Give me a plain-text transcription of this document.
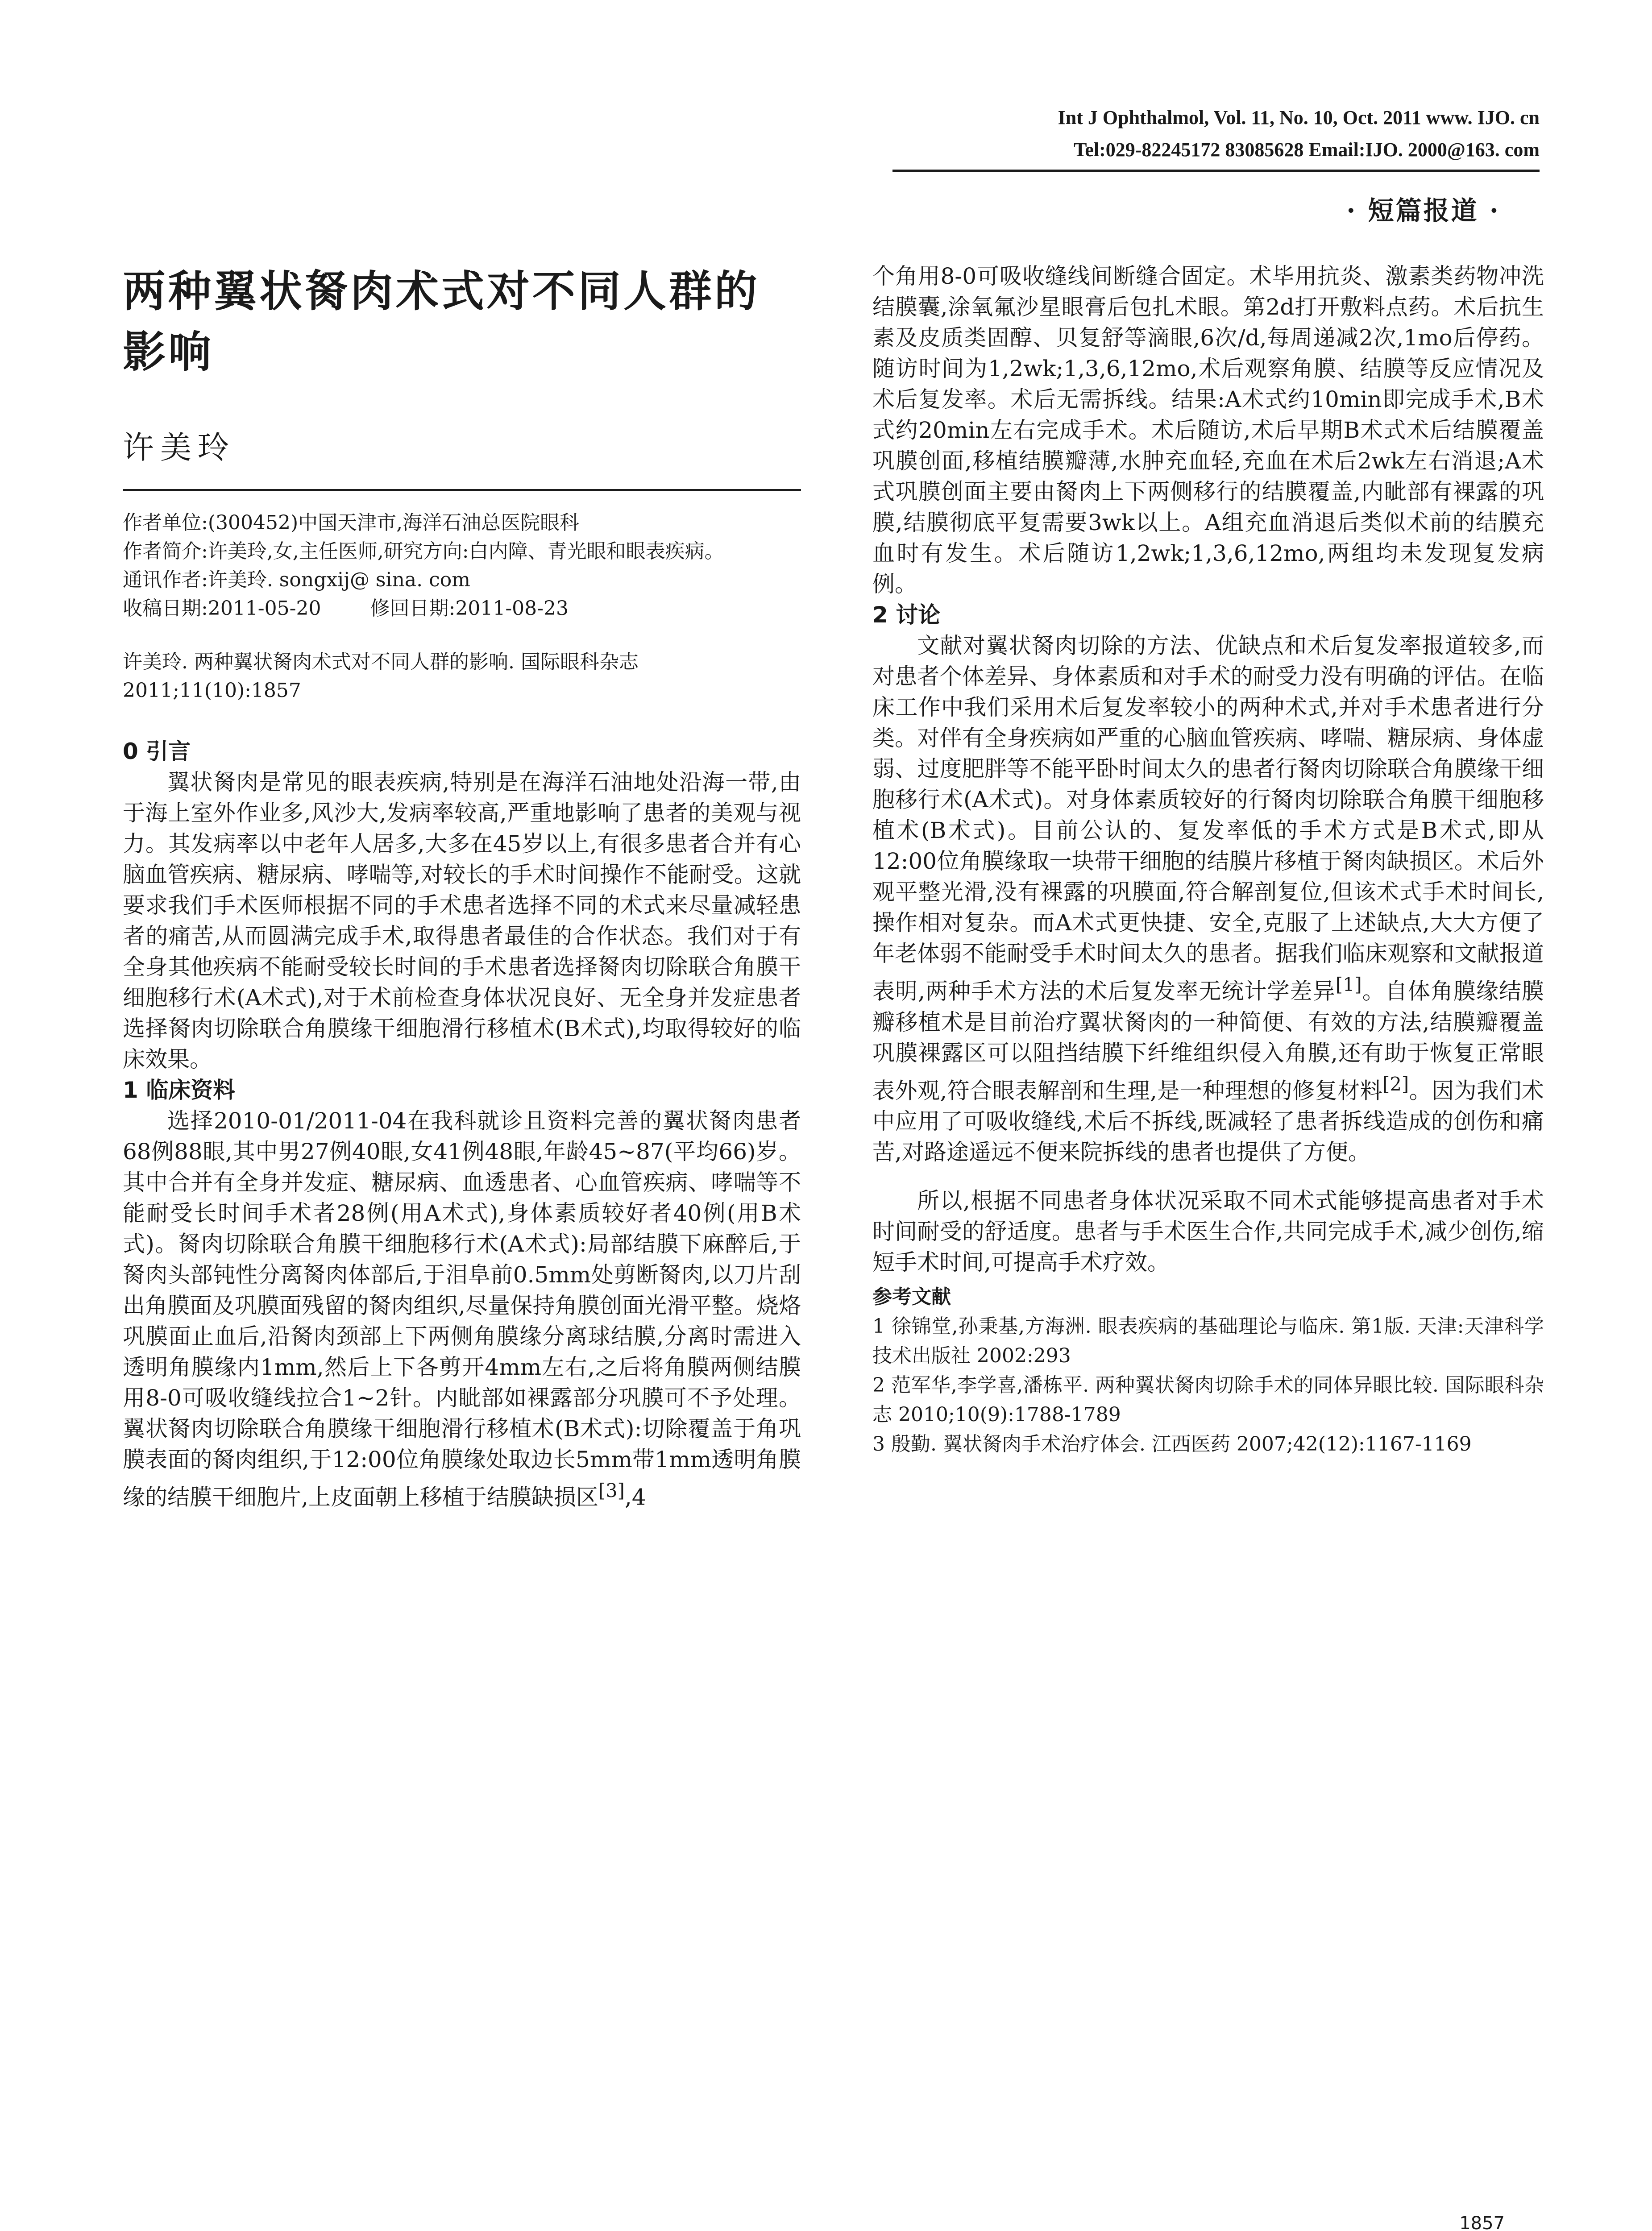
Int J Ophthalmol, Vol. 11, No. 10, Oct. 2011 www. IJO. cn
Tel:029-82245172 83085628 Email:IJO. 2000@163. com
· 短篇报道 ·
两种翼状胬肉术式对不同人群的影响
许美玲

作者单位:(300452)中国天津市,海洋石油总医院眼科

作者简介:许美玲,女,主任医师,研究方向:白内障、青光眼和眼表疾病。

通讯作者:许美玲. songxij@ sina. com

收稿日期:2011-05-20	修回日期:2011-08-23

许美玲. 两种翼状胬肉术式对不同人群的影响. 国际眼科杂志 2011;11(10):1857
0 引言

翼状胬肉是常见的眼表疾病,特别是在海洋石油地处沿海一带,由于海上室外作业多,风沙大,发病率较高,严重地影响了患者的美观与视力。其发病率以中老年人居多,大多在45岁以上,有很多患者合并有心脑血管疾病、糖尿病、哮喘等,对较长的手术时间操作不能耐受。这就要求我们手术医师根据不同的手术患者选择不同的术式来尽量减轻患者的痛苦,从而圆满完成手术,取得患者最佳的合作状态。我们对于有全身其他疾病不能耐受较长时间的手术患者选择胬肉切除联合角膜干细胞移行术(A术式),对于术前检查身体状况良好、无全身并发症患者选择胬肉切除联合角膜缘干细胞滑行移植术(B术式),均取得较好的临床效果。

1 临床资料

选择2010-01/2011-04在我科就诊且资料完善的翼状胬肉患者68例88眼,其中男27例40眼,女41例48眼,年龄45~87(平均66)岁。其中合并有全身并发症、糖尿病、血透患者、心血管疾病、哮喘等不能耐受长时间手术者28例(用A术式),身体素质较好者40例(用B术式)。胬肉切除联合角膜干细胞移行术(A术式):局部结膜下麻醉后,于胬肉头部钝性分离胬肉体部后,于泪阜前0.5mm处剪断胬肉,以刀片刮出角膜面及巩膜面残留的胬肉组织,尽量保持角膜创面光滑平整。烧烙巩膜面止血后,沿胬肉颈部上下两侧角膜缘分离球结膜,分离时需进入透明角膜缘内1mm,然后上下各剪开4mm左右,之后将角膜两侧结膜用8-0可吸收缝线拉合1~2针。内眦部如裸露部分巩膜可不予处理。翼状胬肉切除联合角膜缘干细胞滑行移植术(B术式):切除覆盖于角巩膜表面的胬肉组织,于12:00位角膜缘处取边长5mm带1mm透明角膜缘的结膜干细胞片,上皮面朝上移植于结膜缺损区[3],4

个角用8-0可吸收缝线间断缝合固定。术毕用抗炎、激素类药物冲洗结膜囊,涂氧氟沙星眼膏后包扎术眼。第2d打开敷料点药。术后抗生素及皮质类固醇、贝复舒等滴眼,6次/d,每周递减2次,1mo后停药。随访时间为1,2wk;1,3,6,12mo,术后观察角膜、结膜等反应情况及术后复发率。术后无需拆线。结果:A术式约10min即完成手术,B术式约20min左右完成手术。术后随访,术后早期B术式术后结膜覆盖巩膜创面,移植结膜瓣薄,水肿充血轻,充血在术后2wk左右消退;A术式巩膜创面主要由胬肉上下两侧移行的结膜覆盖,内眦部有裸露的巩膜,结膜彻底平复需要3wk以上。A组充血消退后类似术前的结膜充血时有发生。术后随访1,2wk;1,3,6,12mo,两组均未发现复发病例。

2 讨论

文献对翼状胬肉切除的方法、优缺点和术后复发率报道较多,而对患者个体差异、身体素质和对手术的耐受力没有明确的评估。在临床工作中我们采用术后复发率较小的两种术式,并对手术患者进行分类。对伴有全身疾病如严重的心脑血管疾病、哮喘、糖尿病、身体虚弱、过度肥胖等不能平卧时间太久的患者行胬肉切除联合角膜缘干细胞移行术(A术式)。对身体素质较好的行胬肉切除联合角膜干细胞移植术(B术式)。目前公认的、复发率低的手术方式是B术式,即从12:00位角膜缘取一块带干细胞的结膜片移植于胬肉缺损区。术后外观平整光滑,没有裸露的巩膜面,符合解剖复位,但该术式手术时间长,操作相对复杂。而A术式更快捷、安全,克服了上述缺点,大大方便了年老体弱不能耐受手术时间太久的患者。据我们临床观察和文献报道表明,两种手术方法的术后复发率无统计学差异[1]。自体角膜缘结膜瓣移植术是目前治疗翼状胬肉的一种简便、有效的方法,结膜瓣覆盖巩膜裸露区可以阻挡结膜下纤维组织侵入角膜,还有助于恢复正常眼表外观,符合眼表解剖和生理,是一种理想的修复材料[2]。因为我们术中应用了可吸收缝线,术后不拆线,既减轻了患者拆线造成的创伤和痛苦,对路途遥远不便来院拆线的患者也提供了方便。

所以,根据不同患者身体状况采取不同术式能够提高患者对手术时间耐受的舒适度。患者与手术医生合作,共同完成手术,减少创伤,缩短手术时间,可提高手术疗效。

参考文献

1 徐锦堂,孙秉基,方海洲. 眼表疾病的基础理论与临床. 第1版. 天津:天津科学技术出版社 2002:293

2 范军华,李学喜,潘栋平. 两种翼状胬肉切除手术的同体异眼比较. 国际眼科杂志 2010;10(9):1788-1789

3 殷勤. 翼状胬肉手术治疗体会. 江西医药 2007;42(12):1167-1169

1857
